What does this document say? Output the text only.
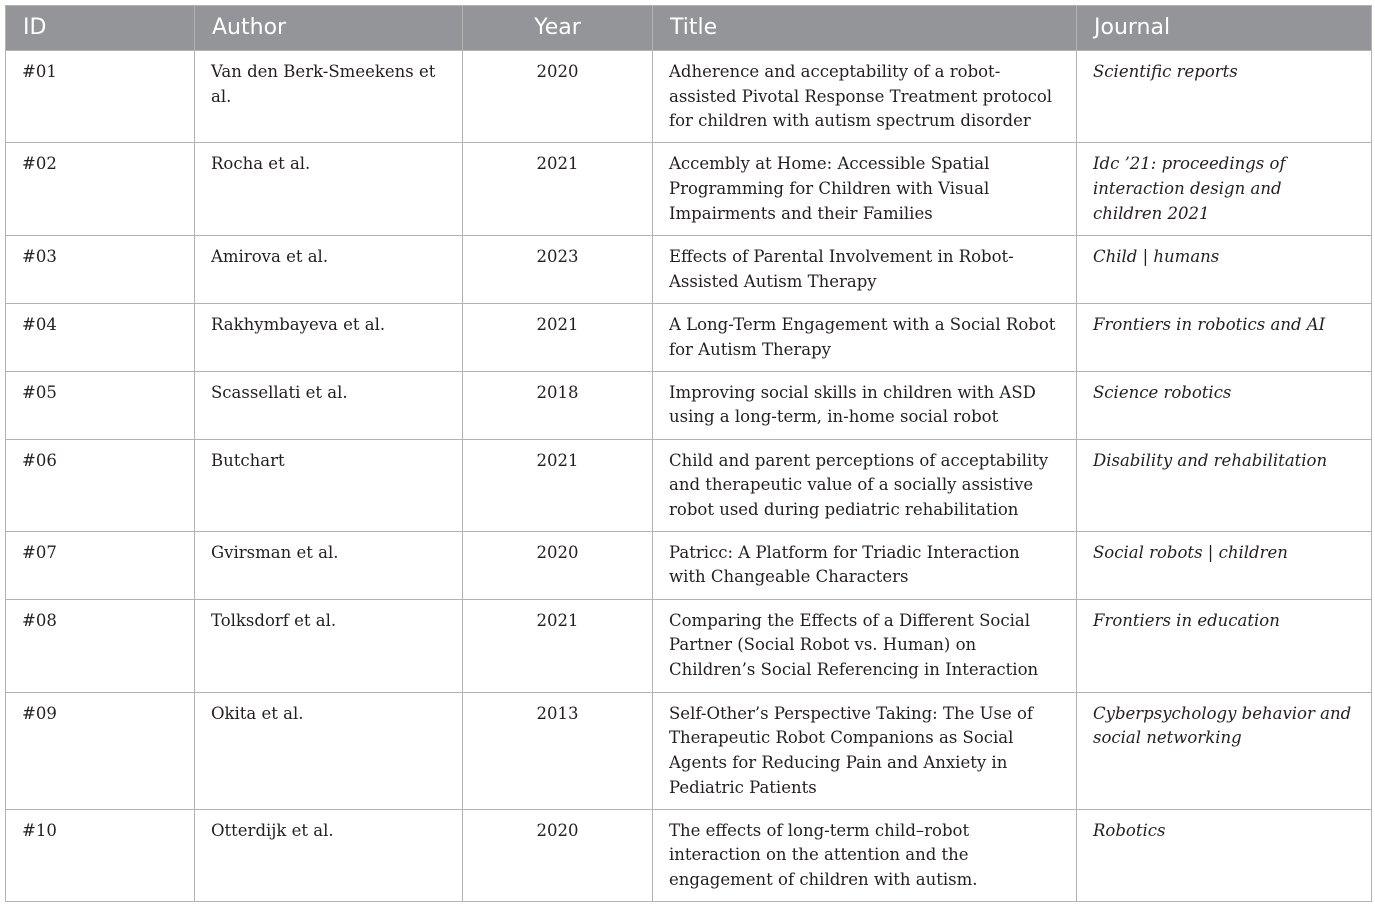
ID	Author	Year	Title	Journal
#01	Van den Berk-Smeekens et al.	2020	Adherence and acceptability of a robot-assisted Pivotal Response Treatment protocol for children with autism spectrum disorder	Scientific reports
#02	Rocha et al.	2021	Accembly at Home: Accessible Spatial Programming for Children with Visual Impairments and their Families	Idc ’21: proceedings of interaction design and children 2021
#03	Amirova et al.	2023	Effects of Parental Involvement in Robot-Assisted Autism Therapy	Child | humans
#04	Rakhymbayeva et al.	2021	A Long-Term Engagement with a Social Robot for Autism Therapy	Frontiers in robotics and AI
#05	Scassellati et al.	2018	Improving social skills in children with ASD using a long-term, in-home social robot	Science robotics
#06	Butchart	2021	Child and parent perceptions of acceptability and therapeutic value of a socially assistive robot used during pediatric rehabilitation	Disability and rehabilitation
#07	Gvirsman et al.	2020	Patricc: A Platform for Triadic Interaction with Changeable Characters	Social robots | children
#08	Tolksdorf et al.	2021	Comparing the Effects of a Different Social Partner (Social Robot vs. Human) on Children’s Social Referencing in Interaction	Frontiers in education
#09	Okita et al.	2013	Self-Other’s Perspective Taking: The Use of Therapeutic Robot Companions as Social Agents for Reducing Pain and Anxiety in Pediatric Patients	Cyberpsychology behavior and social networking
#10	Otterdijk et al.	2020	The effects of long-term child–robot interaction on the attention and the engagement of children with autism.	Robotics
